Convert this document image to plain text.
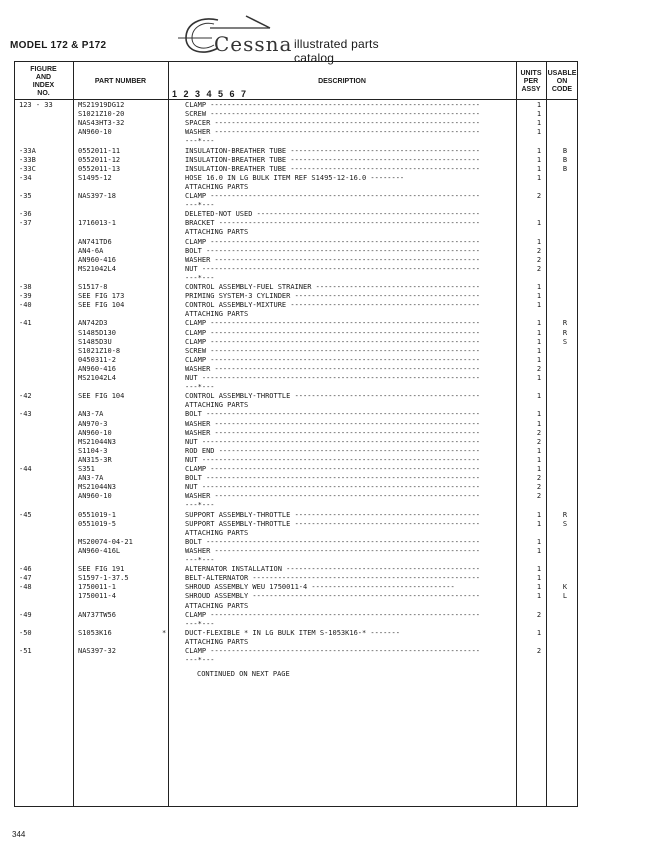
MODEL 172 & P172	Cessna illustrated parts catalog
FIGURE
AND
INDEX
NO.
PART NUMBER	DESCRIPTION
1 2 3 4 5 6 7
UNITS
PER
ASSY
USABLE
ON
CODE
123 - 33	MS21919DG12	CLAMP ----------------------------------------------------------------	1
S1021Z10-20	SCREW ----------------------------------------------------------------	1
NAS43HT3-32	SPACER ---------------------------------------------------------------	1
AN960-10	WASHER ---------------------------------------------------------------	1
---*---
-33A	0552011-11	INSULATION-BREATHER TUBE ---------------------------------------------	1	B
-33B	0552011-12	INSULATION-BREATHER TUBE ---------------------------------------------	1	B
-33C	0552011-13	INSULATION-BREATHER TUBE ---------------------------------------------	1	B
-34	S1495-12	HOSE 16.0 IN LG BULK ITEM REF S1495-12-16.0 --------	1
ATTACHING PARTS
-35	NAS397-18	CLAMP ----------------------------------------------------------------	2
---*---
-36	DELETED-NOT USED -----------------------------------------------------
-37	1716013-1	BRACKET --------------------------------------------------------------	1
ATTACHING PARTS
AN741TD6	CLAMP ----------------------------------------------------------------	1
AN4-6A	BOLT -----------------------------------------------------------------	2
AN960-416	WASHER ---------------------------------------------------------------	2
MS21042L4	NUT ------------------------------------------------------------------	2
---*---
-38	S1517-8	CONTROL ASSEMBLY-FUEL STRAINER ---------------------------------------	1
-39	SEE FIG 173	PRIMING SYSTEM-3 CYLINDER --------------------------------------------	1
-40	SEE FIG 104	CONTROL ASSEMBLY-MIXTURE ---------------------------------------------	1
ATTACHING PARTS
-41	AN742D3	CLAMP ----------------------------------------------------------------	1	R
S1485D130	CLAMP ----------------------------------------------------------------	1	R
S1485D3U	CLAMP ----------------------------------------------------------------	1	S
S1021Z10-8	SCREW ----------------------------------------------------------------	1
0450311-2	CLAMP ----------------------------------------------------------------	1
AN960-416	WASHER ---------------------------------------------------------------	2
MS21042L4	NUT ------------------------------------------------------------------	1
---*---
-42	SEE FIG 104	CONTROL ASSEMBLY-THROTTLE --------------------------------------------	1
ATTACHING PARTS
-43	AN3-7A	BOLT -----------------------------------------------------------------	1
AN970-3	WASHER ---------------------------------------------------------------	1
AN960-10	WASHER ---------------------------------------------------------------	2
MS21044N3	NUT ------------------------------------------------------------------	2
S1104-3	ROD END --------------------------------------------------------------	1
AN315-3R	NUT ------------------------------------------------------------------	1
-44	S351	CLAMP ----------------------------------------------------------------	1
AN3-7A	BOLT -----------------------------------------------------------------	2
MS21044N3	NUT ------------------------------------------------------------------	2
AN960-10	WASHER ---------------------------------------------------------------	2
---*---
-45	0551019-1	SUPPORT ASSEMBLY-THROTTLE --------------------------------------------	1	R
0551019-5	SUPPORT ASSEMBLY-THROTTLE --------------------------------------------	1	S
ATTACHING PARTS
MS20074-04-21	BOLT -----------------------------------------------------------------	1
AN960-416L	WASHER ---------------------------------------------------------------	1
---*---
-46	SEE FIG 191	ALTERNATOR INSTALLATION ----------------------------------------------	1
-47	S1597-1-37.5	BELT-ALTERNATOR ------------------------------------------------------	1
-48	1750011-1	SHROUD ASSEMBLY WEU 1750011-4 ----------------------------------	1	K
1750011-4	SHROUD ASSEMBLY ------------------------------------------------------	1	L
ATTACHING PARTS
-49	AN737TW56	CLAMP ----------------------------------------------------------------	2
---*---
-50	S1053K16	*	DUCT-FLEXIBLE * IN LG BULK ITEM S-1053K16-* -------	1
ATTACHING PARTS
-51	NAS397-32	CLAMP ----------------------------------------------------------------	2
---*---
CONTINUED ON NEXT PAGE
344
